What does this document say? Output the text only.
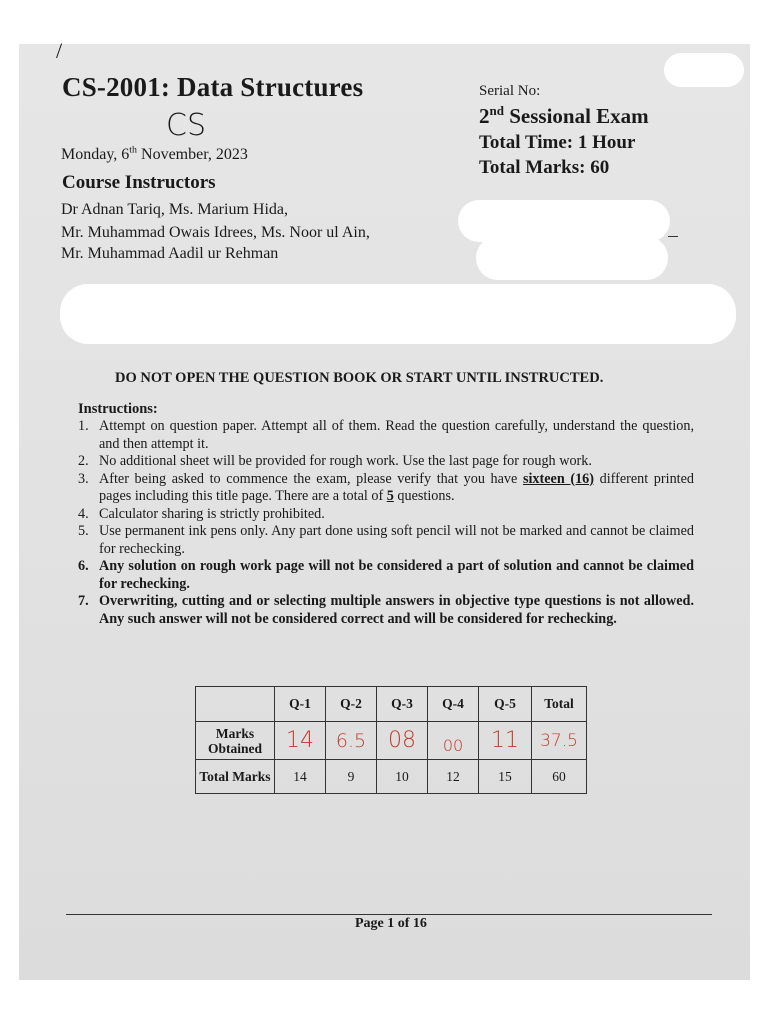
/
CS-2001: Data Structures
CS
Monday, 6th November, 2023
Course Instructors
Dr Adnan Tariq, Ms. Marium Hida,
Mr. Muhammad Owais Idrees, Ms. Noor ul Ain,
Mr. Muhammad Aadil ur Rehman
Serial No:
2nd Sessional Exam
Total Time: 1 Hour
Total Marks: 60
DO NOT OPEN THE QUESTION BOOK OR START UNTIL INSTRUCTED.
Instructions:
1. Attempt on question paper. Attempt all of them. Read the question carefully, understand the question, and then attempt it.
2. No additional sheet will be provided for rough work. Use the last page for rough work.
3. After being asked to commence the exam, please verify that you have sixteen (16) different printed pages including this title page. There are a total of 5 questions.
4. Calculator sharing is strictly prohibited.
5. Use permanent ink pens only. Any part done using soft pencil will not be marked and cannot be claimed for rechecking.
6. Any solution on rough work page will not be considered a part of solution and cannot be claimed for rechecking.
7. Overwriting, cutting and or selecting multiple answers in objective type questions is not allowed. Any such answer will not be considered correct and will be considered for rechecking.
	Q-1	Q-2	Q-3	Q-4	Q-5	Total
Marks Obtained	14	6.5	08	00	11	37.5
Total Marks	14	9	10	12	15	60
Page 1 of 16
